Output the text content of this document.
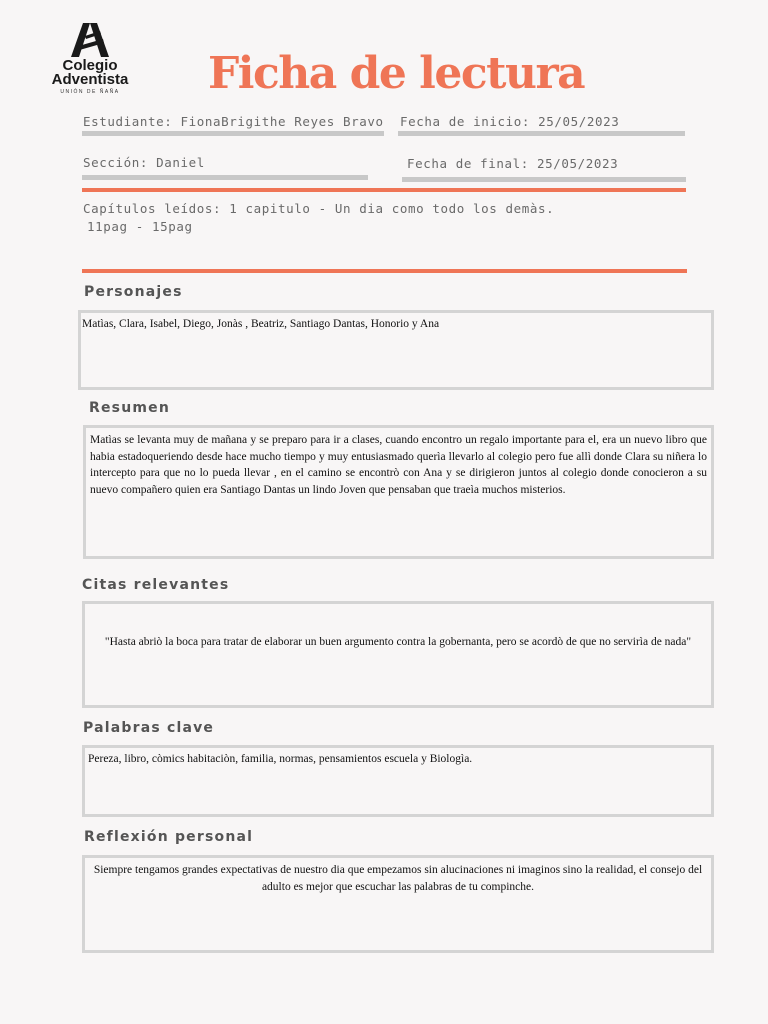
Colegio
Adventista
UNIÓN DE ÑAÑA	Ficha de lectura
Estudiante: FionaBrigithe Reyes Bravo Fecha de inicio: 25/05/2023
Sección: Daniel	Fecha de final: 25/05/2023
Capítulos leídos: 1 capitulo - Un dia como todo los demàs.
11pag - 15pag
Personajes
Matìas, Clara, Isabel, Diego, Jonàs , Beatriz, Santiago Dantas, Honorio y Ana
Resumen
Matìas se levanta muy de mañana y se preparo para ir a clases, cuando encontro un regalo importante para el, era un nuevo libro que habia estadoqueriendo desde hace mucho tiempo y muy entusiasmado querìa llevarlo al colegio pero fue allì donde Clara su niñera lo intercepto para que no lo pueda llevar , en el camino se encontrò con Ana y se dirigieron juntos al colegio donde conocieron a su nuevo compañero quien era Santiago Dantas un lindo Joven que pensaban que traeìa muchos misterios.
Citas relevantes
"Hasta abriò la boca para tratar de elaborar un buen argumento contra la gobernanta, pero se acordò de que no servirìa de nada"
Palabras clave
Pereza, libro, còmics habitaciòn, familia, normas, pensamientos escuela y Biologìa.
Reflexión personal
Siempre tengamos grandes expectativas de nuestro dia que empezamos sin alucinaciones ni imaginos sino la realidad, el consejo del adulto es mejor que escuchar las palabras de tu compinche.
